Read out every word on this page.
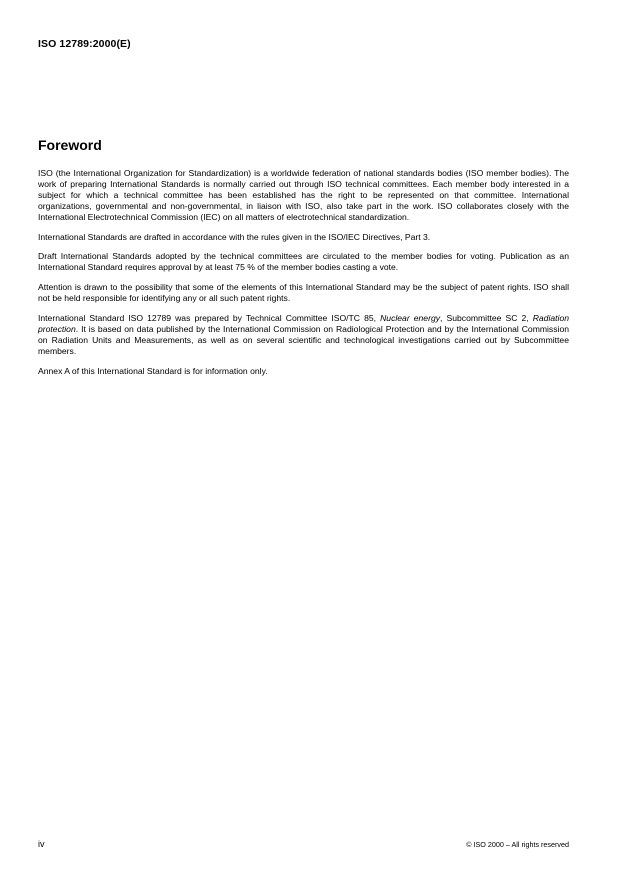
ISO 12789:2000(E)
Foreword

ISO (the International Organization for Standardization) is a worldwide federation of national standards bodies (ISO member bodies). The work of preparing International Standards is normally carried out through ISO technical committees. Each member body interested in a subject for which a technical committee has been established has the right to be represented on that committee. International organizations, governmental and non-governmental, in liaison with ISO, also take part in the work. ISO collaborates closely with the International Electrotechnical Commission (IEC) on all matters of electrotechnical standardization.

International Standards are drafted in accordance with the rules given in the ISO/IEC Directives, Part 3.

Draft International Standards adopted by the technical committees are circulated to the member bodies for voting. Publication as an International Standard requires approval by at least 75 % of the member bodies casting a vote.

Attention is drawn to the possibility that some of the elements of this International Standard may be the subject of patent rights. ISO shall not be held responsible for identifying any or all such patent rights.

International Standard ISO 12789 was prepared by Technical Committee ISO/TC 85, Nuclear energy, Subcommittee SC 2, Radiation protection. It is based on data published by the International Commission on Radiological Protection and by the International Commission on Radiation Units and Measurements, as well as on several scientific and technological investigations carried out by Subcommittee members.

Annex A of this International Standard is for information only.

iv	© ISO 2000 – All rights reserved
